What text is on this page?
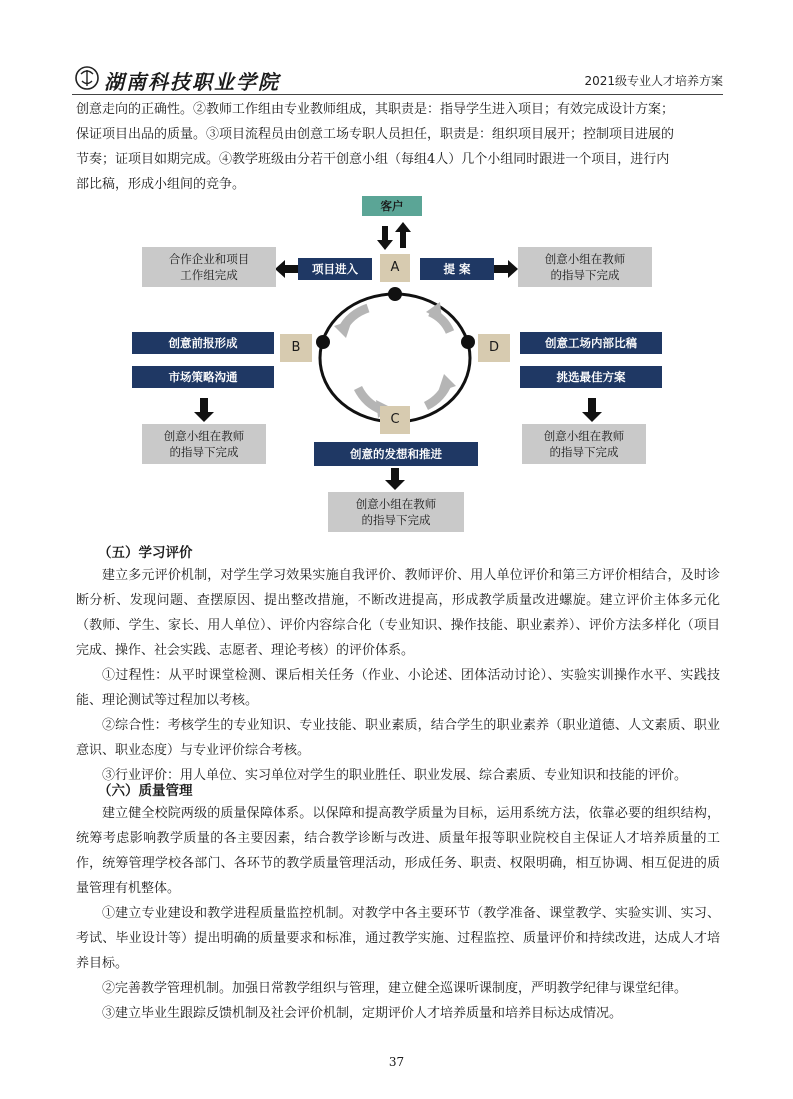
湖南科技职业学院	2021级专业人才培养方案

创意走向的正确性。②教师工作组由专业教师组成，其职责是：指导学生进入项目；有效完成设计方案；

保证项目出品的质量。③项目流程员由创意工场专职人员担任，职责是：组织项目展开；控制项目进展的

节奏；证项目如期完成。④教学班级由分若干创意小组（每组4人）几个小组同时跟进一个项目，进行内

部比稿，形成小组间的竞争。

客户
合作企业和项目
工作组完成	项目进入	A	提 案
创意小组在教师
的指导下完成
创意前报形成	B
市场策略沟通
D	创意工场内部比稿
挑选最佳方案
创意小组在教师
的指导下完成
C
创意小组在教师
的指导下完成
创意的发想和推进
创意小组在教师
的指导下完成
（五）学习评价

建立多元评价机制，对学生学习效果实施自我评价、教师评价、用人单位评价和第三方评价相结合，及时诊断分析、发现问题、查摆原因、提出整改措施，不断改进提高，形成教学质量改进螺旋。建立评价主体多元化（教师、学生、家长、用人单位）、评价内容综合化（专业知识、操作技能、职业素养）、评价方法多样化（项目完成、操作、社会实践、志愿者、理论考核）的评价体系。

①过程性：从平时课堂检测、课后相关任务（作业、小论述、团体活动讨论）、实验实训操作水平、实践技能、理论测试等过程加以考核。

②综合性：考核学生的专业知识、专业技能、职业素质，结合学生的职业素养（职业道德、人文素质、职业意识、职业态度）与专业评价综合考核。

③行业评价：用人单位、实习单位对学生的职业胜任、职业发展、综合素质、专业知识和技能的评价。

（六）质量管理

建立健全校院两级的质量保障体系。以保障和提高教学质量为目标，运用系统方法，依靠必要的组织结构，统筹考虑影响教学质量的各主要因素，结合教学诊断与改进、质量年报等职业院校自主保证人才培养质量的工作，统筹管理学校各部门、各环节的教学质量管理活动，形成任务、职责、权限明确，相互协调、相互促进的质量管理有机整体。

①建立专业建设和教学进程质量监控机制。对教学中各主要环节（教学准备、课堂教学、实验实训、实习、考试、毕业设计等）提出明确的质量要求和标准，通过教学实施、过程监控、质量评价和持续改进，达成人才培养目标。

②完善教学管理机制。加强日常教学组织与管理，建立健全巡课听课制度，严明教学纪律与课堂纪律。

③建立毕业生跟踪反馈机制及社会评价机制，定期评价人才培养质量和培养目标达成情况。

37
